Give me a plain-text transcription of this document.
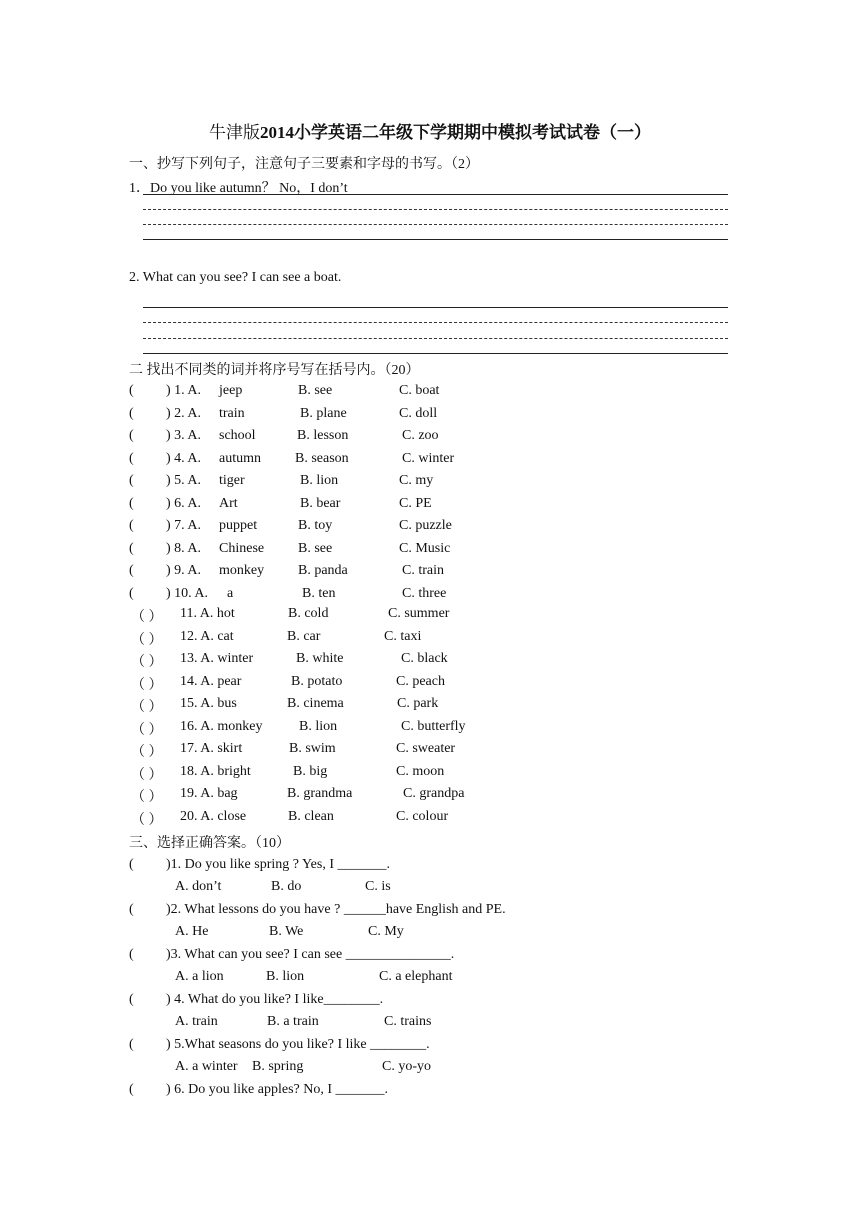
牛津版2014小学英语二年级下学期期中模拟考试试卷（一）
一、抄写下列句子，注意句子三要素和字母的书写。（2）
1．Do you like autumn？ No，I don’t
2. What can you see? I can see a boat.
二 找出不同类的词并将序号写在括号内。（20）
( ) 1. A. jeep	B. see	C. boat
( ) 2. A. train	B. plane	C. doll
( ) 3. A. school	B. lesson	C. zoo
( ) 4. A. autumn B. season	C. winter
( ) 5. A. tiger	B. lion	C. my
( ) 6. A. Art	B. bear	C. PE
( ) 7. A. puppet	B. toy	C. puzzle
( ) 8. A. Chinese B. see	C. Music
( ) 9. A. monkey B. panda	C. train
( ) 10. A. a	B. ten	C. three
（ ） 11. A. hot	B. cold	C. summer
（ ） 12. A. cat	B. car	C. taxi
（ ） 13. A. winter	B. white	C. black
（ ） 14. A. pear	B. potato	C. peach
（ ） 15. A. bus	B. cinema	C. park
（ ） 16. A. monkey	B. lion	C. butterfly
（ ） 17. A. skirt	B. swim	C. sweater
（ ） 18. A. bright	B. big	C. moon
（ ） 19. A. bag	B. grandma	C. grandpa
（ ） 20. A. close	B. clean	C. colour
三、选择正确答案。（10）
( )1. Do you like spring ? Yes, I _______.
A. don’t	B. do	C. is
( )2. What lessons do you have ? ______have English and PE.
A. He	B. We	C. My
( )3. What can you see? I can see _______________.
A. a lion	B. lion	C. a elephant
( ) 4. What do you like? I like________.
A. train	B. a train	C. trains
( ) 5.What seasons do you like? I like ________.
A. a winter B. spring	C. yo-yo
( ) 6. Do you like apples? No, I _______.
